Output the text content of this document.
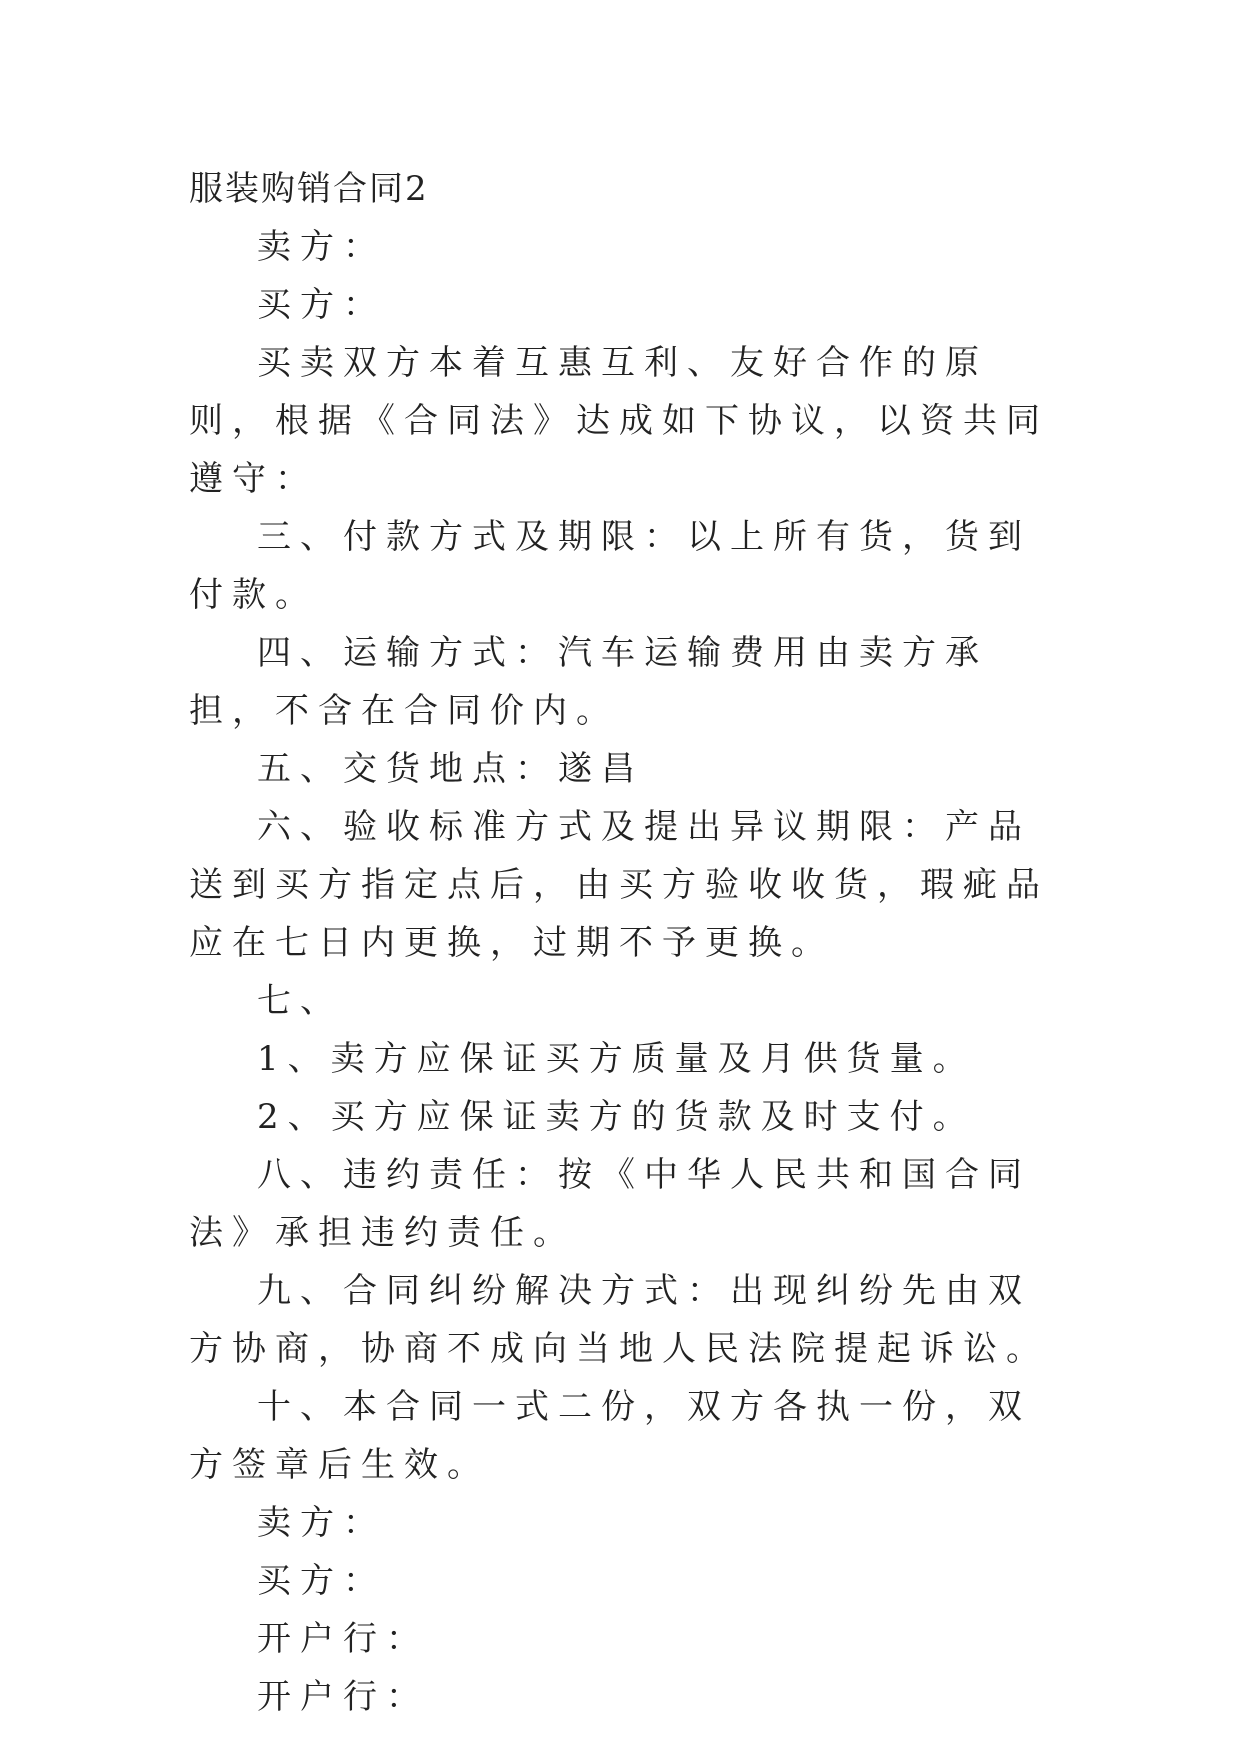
服装购销合同2

卖方：

买方：

买卖双方本着互惠互利、友好合作的原则，根据《合同法》达成如下协议，以资共同遵守：

三、付款方式及期限：以上所有货，货到付款。

四、运输方式：汽车运输费用由卖方承担，不含在合同价内。

五、交货地点：遂昌

六、验收标准方式及提出异议期限：产品送到买方指定点后，由买方验收收货，瑕疵品应在七日内更换，过期不予更换。

七、

1、卖方应保证买方质量及月供货量。

2、买方应保证卖方的货款及时支付。

八、违约责任：按《中华人民共和国合同法》承担违约责任。

九、合同纠纷解决方式：出现纠纷先由双方协商，协商不成向当地人民法院提起诉讼。

十、本合同一式二份，双方各执一份，双方签章后生效。

卖方：

买方：

开户行：

开户行：
